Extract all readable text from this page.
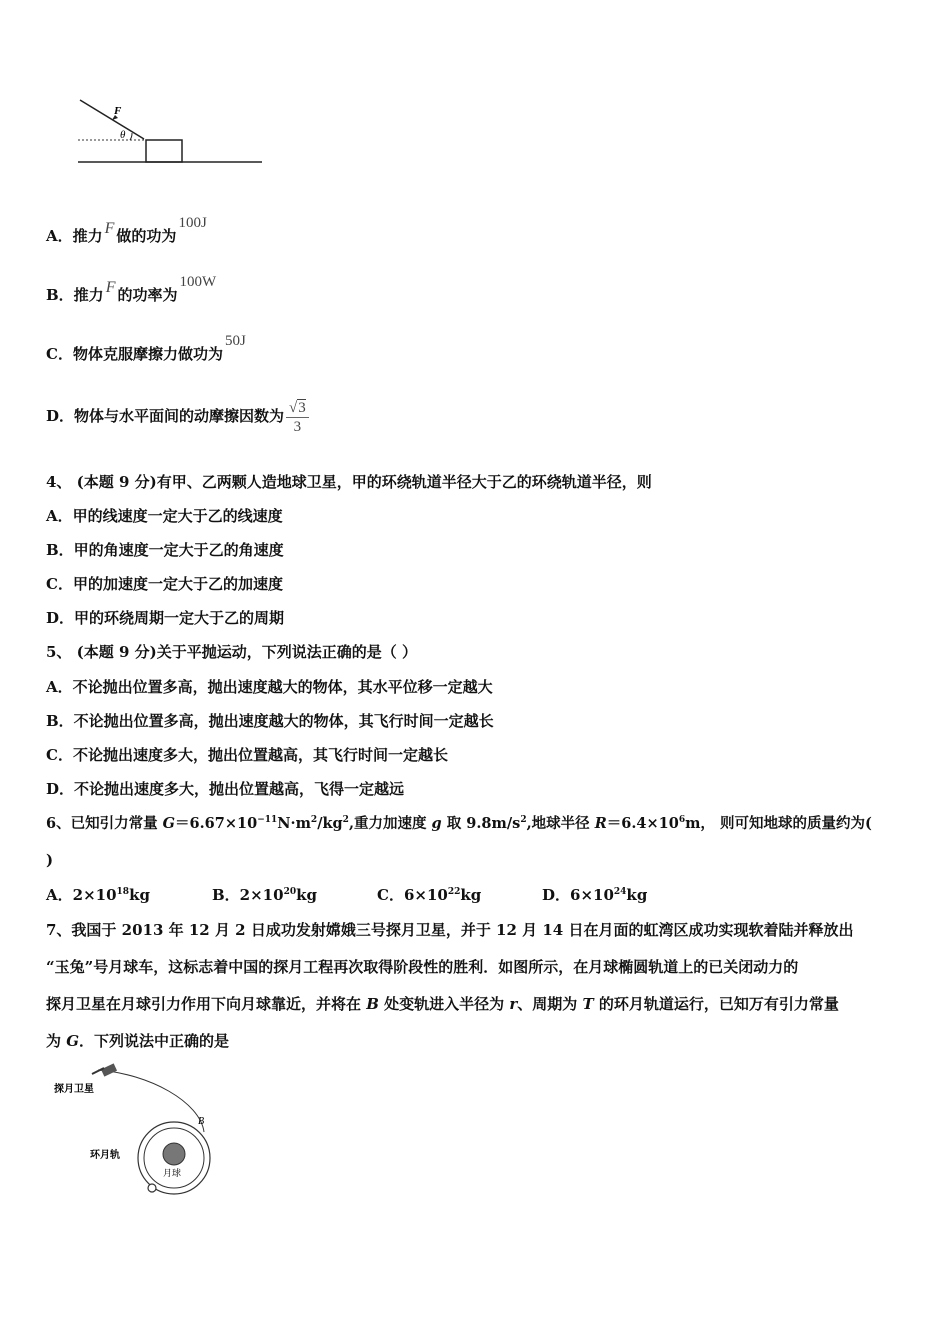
F
θ
A．推力 F 做的功为100J
B．推力 F 的功率为100W
C．物体克服摩擦力做功为50J
D．物体与水平面间的动摩擦因数为 $\frac{√3}{3}$
4、 (本题 9 分)有甲、乙两颗人造地球卫星，甲的环绕轨道半径大于乙的环绕轨道半径，则
A．甲的线速度一定大于乙的线速度
B．甲的角速度一定大于乙的角速度
C．甲的加速度一定大于乙的加速度
D．甲的环绕周期一定大于乙的周期
5、 (本题 9 分)关于平抛运动，下列说法正确的是（ ）
A．不论抛出位置多高，抛出速度越大的物体，其水平位移一定越大
B．不论抛出位置多高，抛出速度越大的物体，其飞行时间一定越长
C．不论抛出速度多大，抛出位置越高，其飞行时间一定越长
D．不论抛出速度多大，抛出位置越高，飞得一定越远
6、已知引力常量 $G=6.67\times 10^{-11}N\cdot m^2/kg^2$,重力加速度 g 取 $9.8m/s^2$,地球半径 $R=6.4\times 10^6m$， 则可知地球的质量约为(
)
A．$2\times 10^{18}kg$	B．$2\times 10^{20}kg$	C．$6\times 10^{22}kg$	D．$6\times 10^{24}kg$
7、我国于 2013 年 12 月 2 日成功发射嫦娥三号探月卫星，并于 12 月 14 日在月面的虹湾区成功实现软着陆并释放出
“玉兔”号月球车，这标志着中国的探月工程再次取得阶段性的胜利．如图所示，在月球椭圆轨道上的已关闭动力的
探月卫星在月球引力作用下向月球靠近，并将在 B 处变轨进入半径为 r、周期为 T 的环月轨道运行，已知万有引力常量
为 G．下列说法中正确的是
探月卫星
环月轨
月球
B
